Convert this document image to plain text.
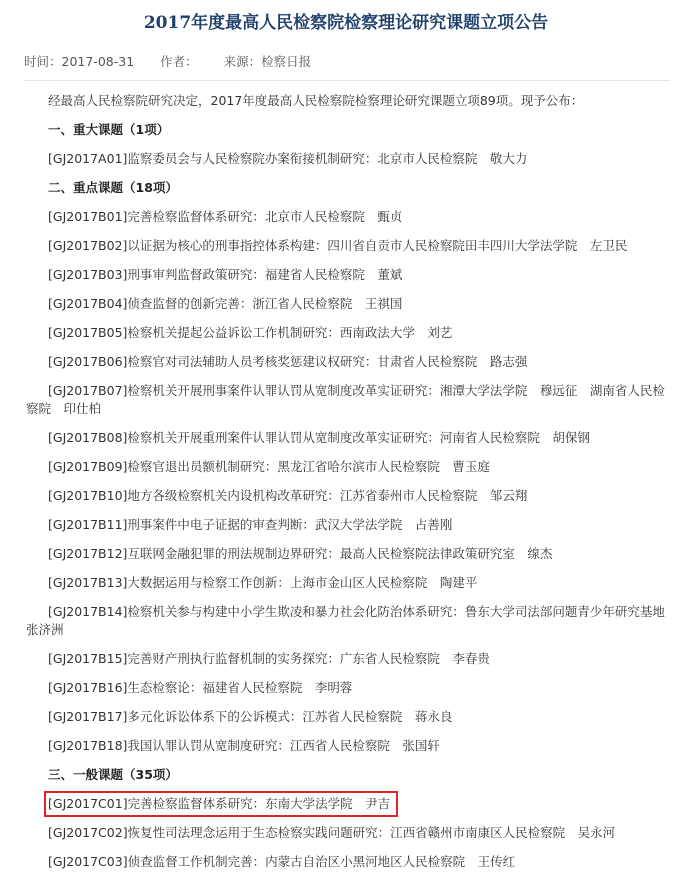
2017年度最高人民检察院检察理论研究课题立项公告
时间：2017-08-31 作者： 来源：检察日报

经最高人民检察院研究决定，2017年度最高人民检察院检察理论研究课题立项89项。现予公布：

一、重大课题（1项）

[GJ2017A01]监察委员会与人民检察院办案衔接机制研究：北京市人民检察院　敬大力

二、重点课题（18项）

[GJ2017B01]完善检察监督体系研究：北京市人民检察院　甄贞

[GJ2017B02]以证据为核心的刑事指控体系构建：四川省自贡市人民检察院田丰四川大学法学院　左卫民

[GJ2017B03]刑事审判监督政策研究：福建省人民检察院　董斌

[GJ2017B04]侦查监督的创新完善：浙江省人民检察院　王祺国

[GJ2017B05]检察机关提起公益诉讼工作机制研究：西南政法大学　刘艺

[GJ2017B06]检察官对司法辅助人员考核奖惩建议权研究：甘肃省人民检察院　路志强

[GJ2017B07]检察机关开展刑事案件认罪认罚从宽制度改革实证研究：湘潭大学法学院　穆远征　湖南省人民检察院　印仕柏

[GJ2017B08]检察机关开展重刑案件认罪认罚从宽制度改革实证研究：河南省人民检察院　胡保钢

[GJ2017B09]检察官退出员额机制研究：黑龙江省哈尔滨市人民检察院　曹玉庭

[GJ2017B10]地方各级检察机关内设机构改革研究：江苏省泰州市人民检察院　邹云翔

[GJ2017B11]刑事案件中电子证据的审查判断：武汉大学法学院　占善刚

[GJ2017B12]互联网金融犯罪的刑法规制边界研究：最高人民检察院法律政策研究室　缐杰

[GJ2017B13]大数据运用与检察工作创新：上海市金山区人民检察院　陶建平

[GJ2017B14]检察机关参与构建中小学生欺凌和暴力社会化防治体系研究：鲁东大学司法部问题青少年研究基地　张济洲

[GJ2017B15]完善财产刑执行监督机制的实务探究：广东省人民检察院　李春贵

[GJ2017B16]生态检察论：福建省人民检察院　李明蓉

[GJ2017B17]多元化诉讼体系下的公诉模式：江苏省人民检察院　蒋永良

[GJ2017B18]我国认罪认罚从宽制度研究：江西省人民检察院　张国轩

三、一般课题（35项）

[GJ2017C01]完善检察监督体系研究：东南大学法学院　尹吉

[GJ2017C02]恢复性司法理念运用于生态检察实践问题研究：江西省赣州市南康区人民检察院　吴永河

[GJ2017C03]侦查监督工作机制完善：内蒙古自治区小黑河地区人民检察院　王传红
